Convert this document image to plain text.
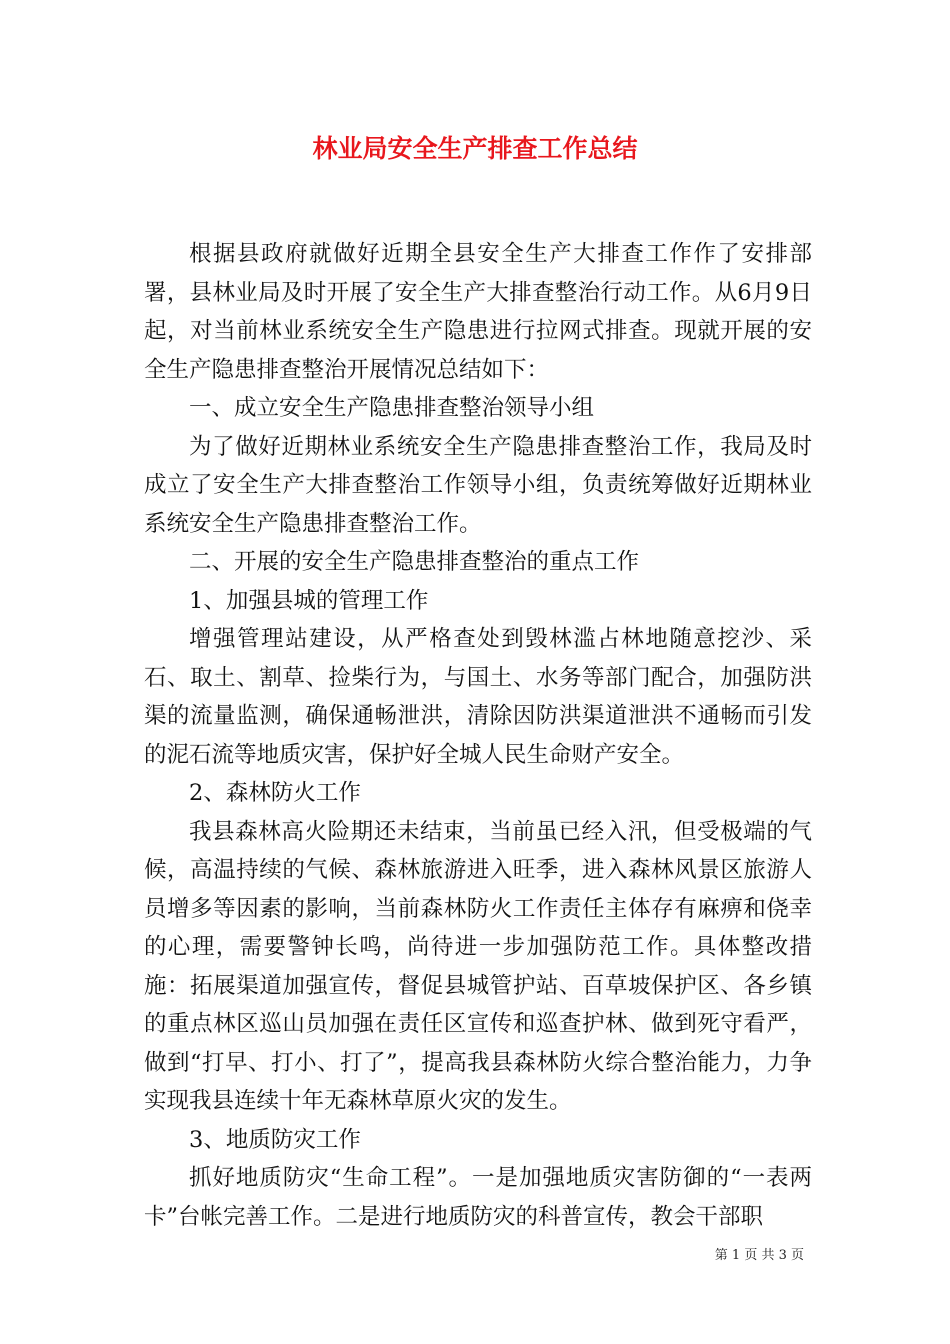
林业局安全生产排查工作总结

根据县政府就做好近期全县安全生产大排查工作作了安排部署，县林业局及时开展了安全生产大排查整治行动工作。从6月9日起，对当前林业系统安全生产隐患进行拉网式排查。现就开展的安全生产隐患排查整治开展情况总结如下：

一、成立安全生产隐患排查整治领导小组

为了做好近期林业系统安全生产隐患排查整治工作，我局及时成立了安全生产大排查整治工作领导小组，负责统筹做好近期林业系统安全生产隐患排查整治工作。

二、开展的安全生产隐患排查整治的重点工作

1、加强县城的管理工作

增强管理站建设，从严格查处到毁林滥占林地随意挖沙、采石、取土、割草、捡柴行为，与国土、水务等部门配合，加强防洪渠的流量监测，确保通畅泄洪，清除因防洪渠道泄洪不通畅而引发的泥石流等地质灾害，保护好全城人民生命财产安全。

2、森林防火工作

我县森林高火险期还未结束，当前虽已经入汛，但受极端的气候，高温持续的气候、森林旅游进入旺季，进入森林风景区旅游人员增多等因素的影响，当前森林防火工作责任主体存有麻痹和侥幸的心理，需要警钟长鸣，尚待进一步加强防范工作。具体整改措施：拓展渠道加强宣传，督促县城管护站、百草坡保护区、各乡镇的重点林区巡山员加强在责任区宣传和巡查护林、做到死守看严，做到“打早、打小、打了”，提高我县森林防火综合整治能力，力争实现我县连续十年无森林草原火灾的发生。

3、地质防灾工作

抓好地质防灾“生命工程”。一是加强地质灾害防御的“一表两卡”台帐完善工作。二是进行地质防灾的科普宣传，教会干部职

第 1 页 共 3 页
